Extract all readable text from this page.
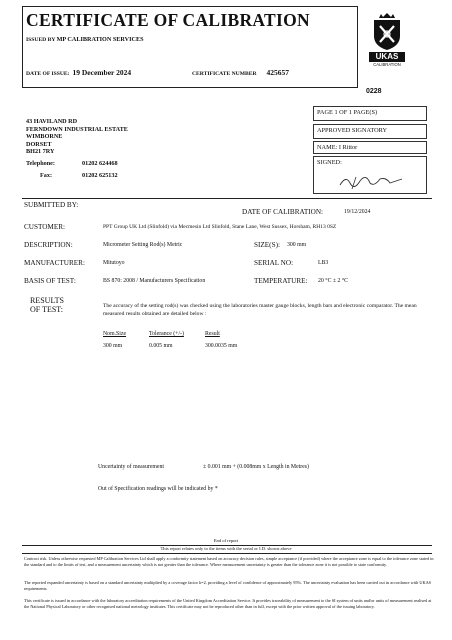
CERTIFICATE OF CALIBRATION
ISSUED BY MP CALIBRATION SERVICES
DATE OF ISSUE: 19 December 2024	CERTIFICATE NUMBER 425657
UKAS
CALIBRATION
0228
43 HAVILAND RD
FERNDOWN INDUSTRIAL ESTATE
WIMBORNE
DORSET
BH21 7RY
Telephone:	01202 624468
Fax:	01202 625132
PAGE 1 OF 1 PAGE(S)
APPROVED SIGNATORY
NAME: I Rittor
SIGNED:
SUBMITTED BY:
DATE OF CALIBRATION:	19/12/2024
CUSTOMER:	PPT Group UK Ltd (Slinfold) via Mecmesin Ltd Slinfold, Stane Lane, West Sussex, Horsham, RH13 0SZ
DESCRIPTION:	Micrometer Setting Rod(s) Metric	SIZE(S): 300 mm
MANUFACTURER:	Mitutoyo	SERIAL NO:	LB3
BASIS OF TEST:	BS 870: 2008 / Manufacturers Specification	TEMPERATURE: 20 °C ± 2 °C
RESULTS
OF TEST:	The accuracy of the setting rod(s) was checked using the laboratories master gauge blocks, length bars and electronic comparator. The mean measured results obtained are detailed below :
Nom.Size	Tolerance (+/-)	Result

300 mm	0.005 mm	300.0035 mm
Uncertainty of measurement	± 0.001 mm + (0.008mm x Length in Metres)
Out of Specification readings will be indicated by *
End of report
This report relates only to the items with the serial or I.D. shown above
Contract risk. Unless otherwise requested MP Calibration Services Ltd shall apply a conformity statement based on accuracy decision rules, simple acceptance (if provided) where the acceptance zone is equal to the tolerance zone stated in the standard and to the limits of test, and a measurement uncertainty which is not greater than the tolerance. Where measurement uncertainty is greater than the tolerance zone it is not possible to state conformity.
The reported expanded uncertainty is based on a standard uncertainty multiplied by a coverage factor k=2, providing a level of confidence of approximately 95%. The uncertainty evaluation has been carried out in accordance with UKAS requirements.
This certificate is issued in accordance with the laboratory accreditation requirements of the United Kingdom Accreditation Service. It provides traceability of measurement to the SI system of units and/or units of measurement realised at the National Physical Laboratory or other recognised national metrology institutes. This certificate may not be reproduced other than in full, except with the prior written approval of the issuing laboratory.
